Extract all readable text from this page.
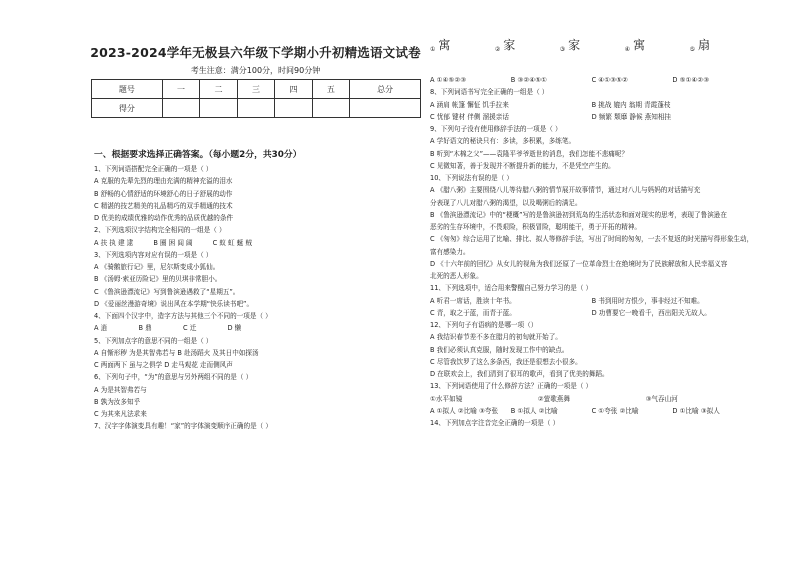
2023-2024学年无极县六年级下学期小升初精选语文试卷
考生注意：满分100分，时间90分钟
题号	一	二	三	四	五	总分
得分						
一、根据要求选择正确答案。（每小题2分，共30分）
1、下列词语搭配完全正确的一项是（ ）
A 克服的先辈先烈的理由充满的精神充溢的泪水
B 舒畅的心情舒适的环境舒心的日子舒展的动作
C 精湛的技艺精美的礼品精巧的双手精通的技术
D 优美的成绩优雅的动作优秀的品质优越的条件
2、下列选项汉字结构完全相同的一组是（ ）
A 扶 执 建 逮	B 圈 困 闾 阔	C 蚁 虹 蜒 贼
3、下列选项内容对应有误的一项是（ ）
A 《骑鹅旅行记》里，尼尔斯变成小狐仙。
B 《汤姆·索亚历险记》里的贝琪非常胆小。
C 《鲁滨逊漂流记》写到鲁滨逊遇救了“星期五”。
D 《爱丽丝漫游奇境》说出风在本学期“快乐读书吧”。
4、下面四个汉字中，造字方法与其他三个不同的一项是（ ）
A 逍	B 鼎	C 迁	D 懒
5、下列加点字的意思不同的一组是（ ）
A 自惭形秽 为是其智弗若与 B 赴汤蹈火 及其日中如探汤
C 两面两下 虽与之俱学 D 走马观花 走而侧风声
6、下列句子中，“为”的意思与另外两组不同的是（ ）
A 为是其智弗若与
B 孰为汝多知乎
C 为其来凡法求来
7、汉字字体演变具有趣！“家”的字体演变顺序正确的是（ ）
① 寓	② 家	③ 家	④ 寓	⑤ 扇
A ①④⑤②③	B ③②④⑤①	C ④①③⑤②	D ⑤①④②③
8、下列词语书写完全正确的一组是（ ）
A 涵肩 帐篷 懈怔 饥手拉来	B 挑战 媲内 翁期 青霞蓬枝
C 忧郁 键材 伴侧 溜援亲话	D 频繁 颓靡 静候 燕知相挂
9、下列句子没有使用修辞手法的一项是（ ）
A 学好语文的秘诀只有：多读，多积累，多练笔。
B 听到“木棉之父”——袁隆平爷爷逝世的消息，我们怎能不悲痛呢？
C 见微知著，善于发现并不断提升新的能力，不是凭空产生的。
10、下列说法有误的是（ ）
A 《腊八粥》主要围绕八儿等待腊八粥的情节展开故事情节，通过对八儿与妈妈的对话描写充
分表现了八儿对腊八粥的渴望，以及喝粥后的满足。
B 《鲁滨逊漂流记》中的“梗概”写的是鲁滨逊初到荒岛的生活状态和面对现实的思考，表现了鲁滨逊在
恶劣的生存环境中，不畏艰险，积极冒险，聪明能干，勇于开拓的精神。
C 《匆匆》综合运用了比喻、排比、拟人等修辞手法，写出了时间的匆匆，一去不复返的时光描写得形象生动，
富有感染力。
D 《十六年前的回忆》从女儿的视角为我们还原了一位革命烈士在绝境时为了民族解放和人民幸福义容
北死的恶人形象。
11、下列选项中，适合用来警醒自己努力学习的是（ ）
A 听君一席话，胜读十年书。	B 书到用时方恨少，事非经过不知难。
C 青，取之于蓝，而青于蓝。	D 功曹要它一晚看千，西出阳关无故人。
12、下列句子有语病的是哪一项（）
A 我结识春节差不多在腊月的初旬就开始了。
B 我们必须认真克服，随时发现工作中的缺点。
C 尽管我饮罗了这么多条西，我还是很想去小很多。
D 在联欢会上，我们清到了很耳的歌声，看到了优美的舞蹈。
13、下列词语使用了什么修辞方法？正确的一项是（ ）
①水平如镜	②萤歌燕舞	③气吞山河
A ①拟人 ②比喻 ③夸张	B ①拟人 ②比喻	C ①夸张 ②比喻	D ①比喻 ③拟人
14、下列加点字注音完全正确的一项是（ ）
